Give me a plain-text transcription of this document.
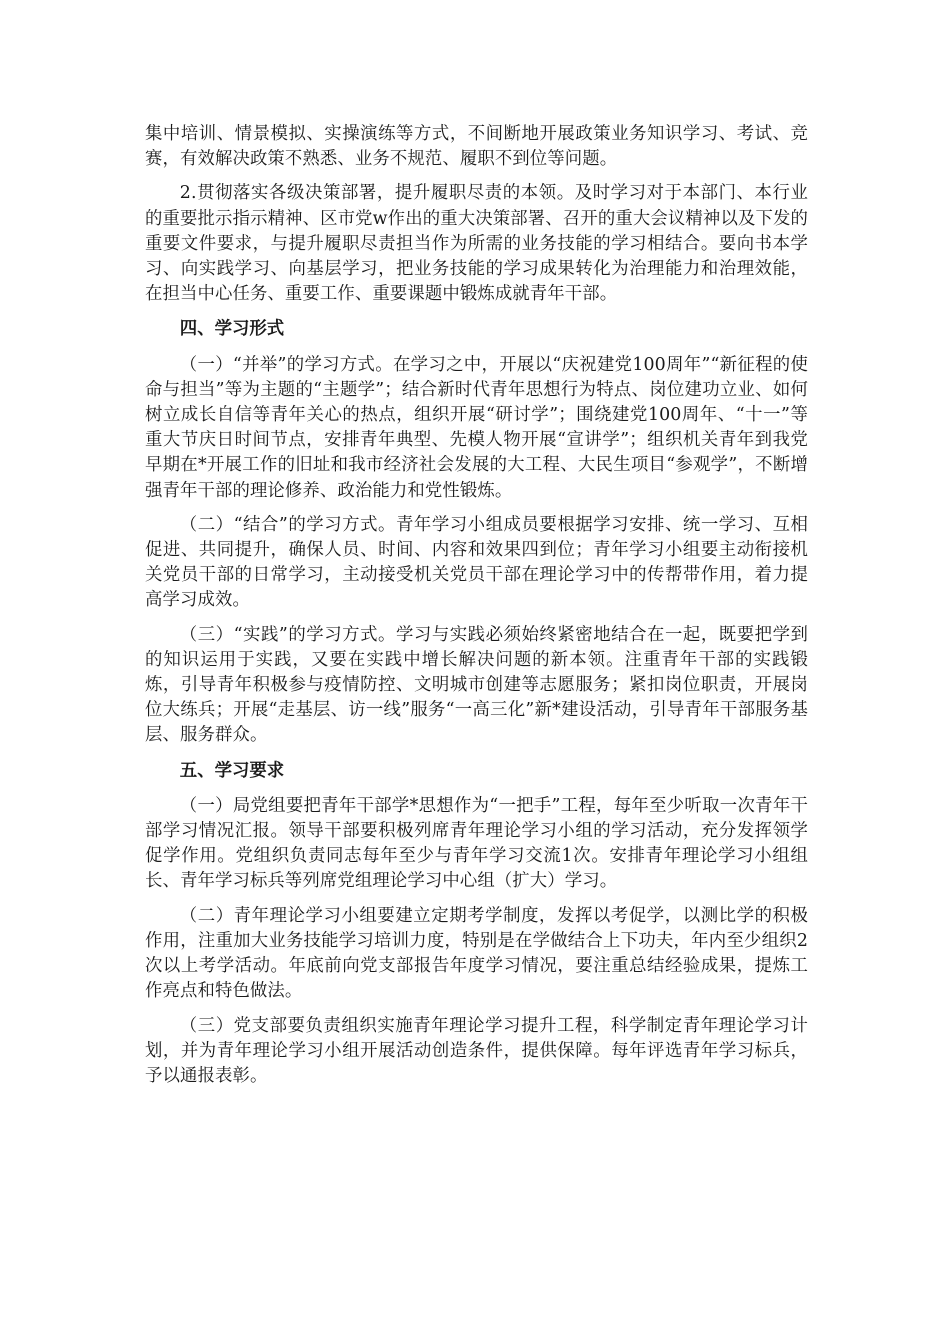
集中培训、情景模拟、实操演练等方式，不间断地开展政策业务知识学习、考试、竞赛，有效解决政策不熟悉、业务不规范、履职不到位等问题。

2.贯彻落实各级决策部署，提升履职尽责的本领。及时学习对于本部门、本行业的重要批示指示精神、区市党w作出的重大决策部署、召开的重大会议精神以及下发的重要文件要求，与提升履职尽责担当作为所需的业务技能的学习相结合。要向书本学习、向实践学习、向基层学习，把业务技能的学习成果转化为治理能力和治理效能，在担当中心任务、重要工作、重要课题中锻炼成就青年干部。

四、学习形式

（一）“并举”的学习方式。在学习之中，开展以“庆祝建党100周年”“新征程的使命与担当”等为主题的“主题学”；结合新时代青年思想行为特点、岗位建功立业、如何树立成长自信等青年关心的热点，组织开展“研讨学”；围绕建党100周年、“十一”等重大节庆日时间节点，安排青年典型、先模人物开展“宣讲学”；组织机关青年到我党早期在*开展工作的旧址和我市经济社会发展的大工程、大民生项目“参观学”，不断增强青年干部的理论修养、政治能力和党性锻炼。

（二）“结合”的学习方式。青年学习小组成员要根据学习安排、统一学习、互相促进、共同提升，确保人员、时间、内容和效果四到位；青年学习小组要主动衔接机关党员干部的日常学习，主动接受机关党员干部在理论学习中的传帮带作用，着力提高学习成效。

（三）“实践”的学习方式。学习与实践必须始终紧密地结合在一起，既要把学到的知识运用于实践，又要在实践中增长解决问题的新本领。注重青年干部的实践锻炼，引导青年积极参与疫情防控、文明城市创建等志愿服务；紧扣岗位职责，开展岗位大练兵；开展“走基层、访一线”服务“一高三化”新*建设活动，引导青年干部服务基层、服务群众。

五、学习要求

（一）局党组要把青年干部学*思想作为“一把手”工程，每年至少听取一次青年干部学习情况汇报。领导干部要积极列席青年理论学习小组的学习活动，充分发挥领学促学作用。党组织负责同志每年至少与青年学习交流1次。安排青年理论学习小组组长、青年学习标兵等列席党组理论学习中心组（扩大）学习。

（二）青年理论学习小组要建立定期考学制度，发挥以考促学，以测比学的积极作用，注重加大业务技能学习培训力度，特别是在学做结合上下功夫，年内至少组织2次以上考学活动。年底前向党支部报告年度学习情况，要注重总结经验成果，提炼工作亮点和特色做法。

（三）党支部要负责组织实施青年理论学习提升工程，科学制定青年理论学习计划，并为青年理论学习小组开展活动创造条件，提供保障。每年评选青年学习标兵，予以通报表彰。
